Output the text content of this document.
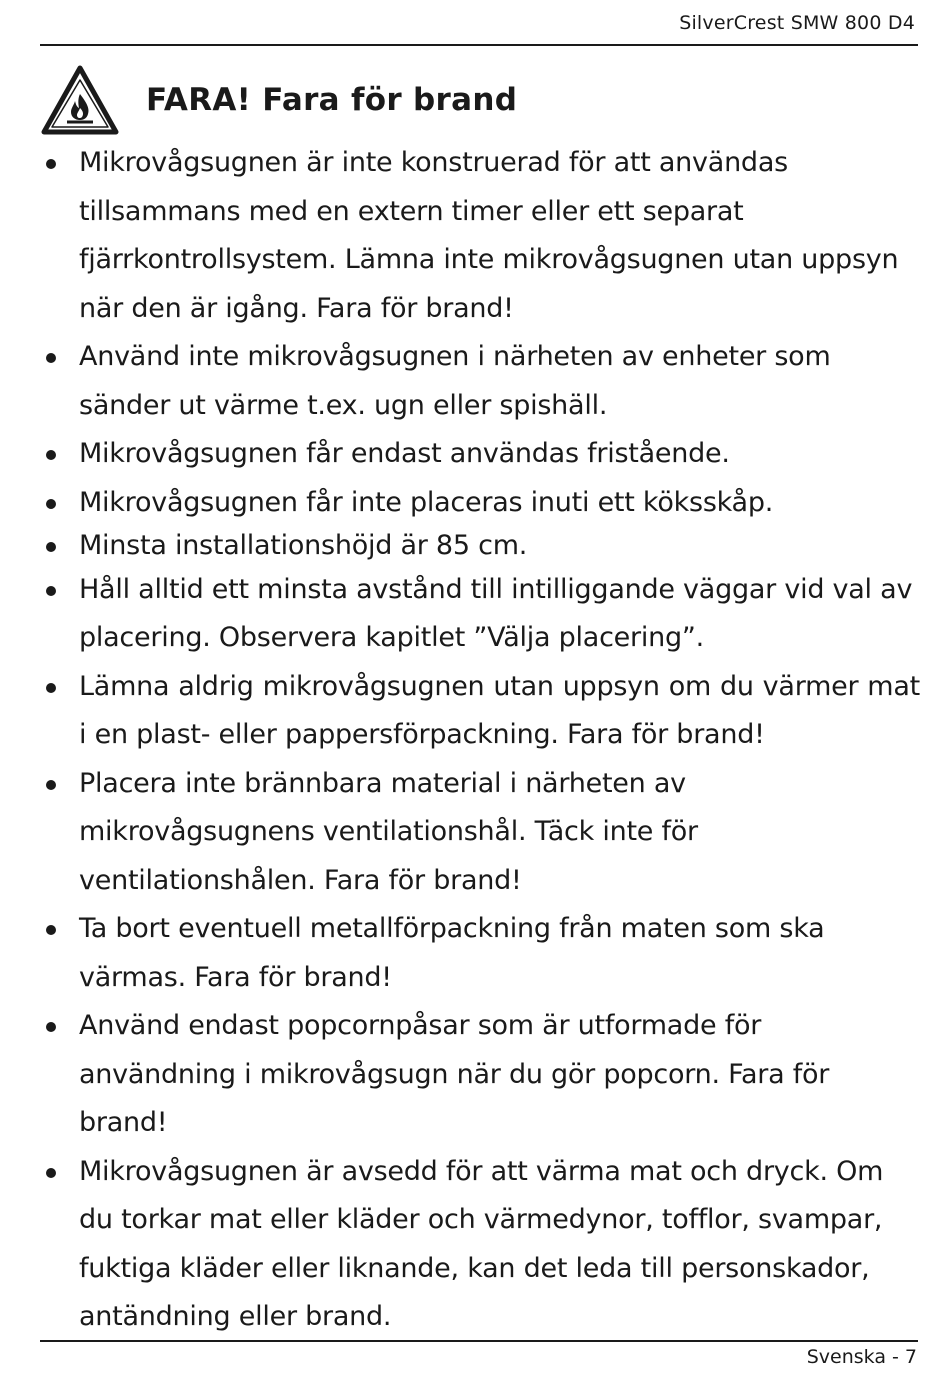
SilverCrest SMW 800 D4
FARA! Fara för brand
Mikrovågsugnen är inte konstruerad för att användas tillsammans med en extern timer eller ett separat fjärrkontrollsystem. Lämna inte mikrovågsugnen utan uppsyn när den är igång. Fara för brand!
Använd inte mikrovågsugnen i närheten av enheter som sänder ut värme t.ex. ugn eller spishäll.
Mikrovågsugnen får endast användas fristående.
Mikrovågsugnen får inte placeras inuti ett köksskåp.
Minsta installationshöjd är 85 cm.
Håll alltid ett minsta avstånd till intilliggande väggar vid val av placering. Observera kapitlet ”Välja placering”.
Lämna aldrig mikrovågsugnen utan uppsyn om du värmer mat i en plast- eller pappersförpackning. Fara för brand!
Placera inte brännbara material i närheten av mikrovågsugnens ventilationshål. Täck inte för ventilationshålen. Fara för brand!
Ta bort eventuell metallförpackning från maten som ska värmas. Fara för brand!
Använd endast popcornpåsar som är utformade för användning i mikrovågsugn när du gör popcorn. Fara för brand!
Mikrovågsugnen är avsedd för att värma mat och dryck. Om du torkar mat eller kläder och värmedynor, tofflor, svampar, fuktiga kläder eller liknande, kan det leda till personskador, antändning eller brand.
Svenska - 7
